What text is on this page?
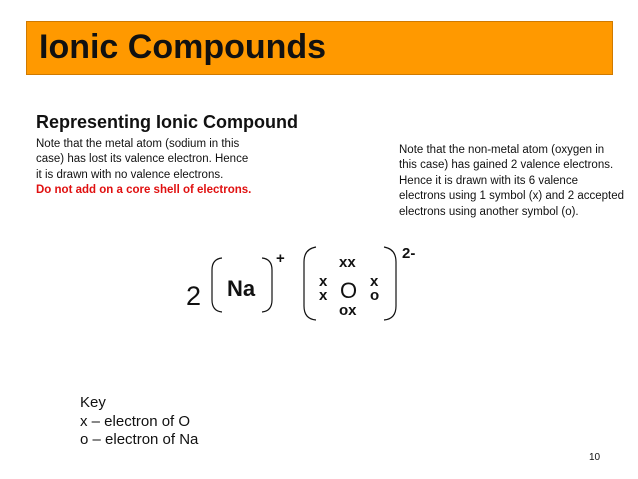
Ionic Compounds
Representing Ionic Compound
Note that the metal atom (sodium in this case) has lost its valence electron. Hence it is drawn with no valence electrons.
Do not add on a core shell of electrons.
Note that the non-metal atom (oxygen in this case) has gained 2 valence electrons. Hence it is drawn with its 6 valence electrons using 1 symbol (x) and 2 accepted electrons using another symbol (o).
2 Na
+	xx
x
x O x
o
ox
2-
Key
x – electron of O
o – electron of Na
10
